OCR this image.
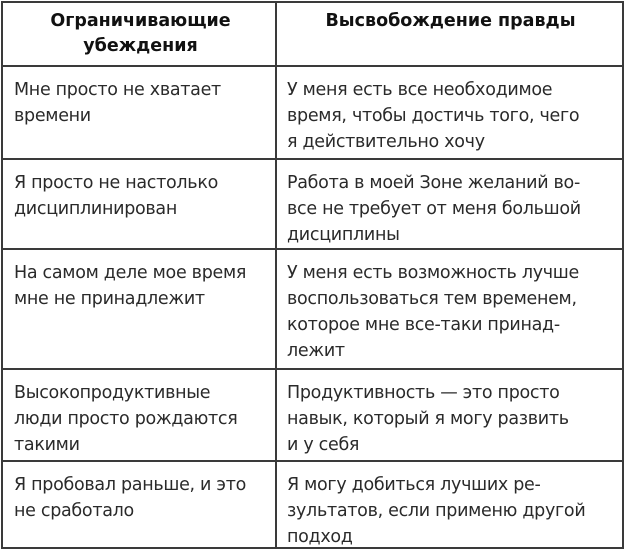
Ограничивающие
убеждения
Высвобождение правды
Мне просто не хватает
времени
У меня есть все необходимое
время, чтобы достичь того, чего
я действительно хочу
Я просто не настолько
дисциплинирован
Работа в моей Зоне желаний во-
все не требует от меня большой
дисциплины
На самом деле мое время
мне не принадлежит
У меня есть возможность лучше
воспользоваться тем временем,
которое мне все-таки принад-
лежит
Высокопродуктивные
люди просто рождаются
такими
Продуктивность — это просто
навык, который я могу развить
и у себя
Я пробовал раньше, и это
не сработало
Я могу добиться лучших ре-
зультатов, если применю другой
подход
